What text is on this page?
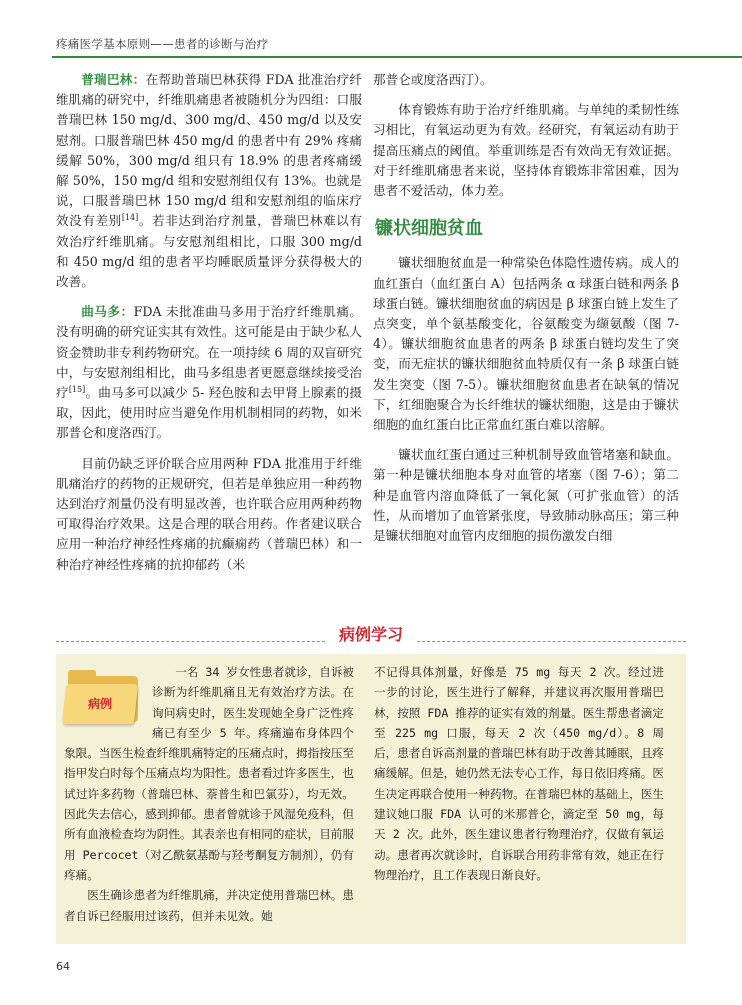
疼痛医学基本原则——患者的诊断与治疗

普瑞巴林：在帮助普瑞巴林获得 FDA 批准治疗纤维肌痛的研究中，纤维肌痛患者被随机分为四组：口服普瑞巴林 150 mg/d、300 mg/d、450 mg/d 以及安慰剂。口服普瑞巴林 450 mg/d 的患者中有 29% 疼痛缓解 50%，300 mg/d 组只有 18.9% 的患者疼痛缓解 50%，150 mg/d 组和安慰剂组仅有 13%。也就是说，口服普瑞巴林 150 mg/d 组和安慰剂组的临床疗效没有差别[14]。若非达到治疗剂量，普瑞巴林难以有效治疗纤维肌痛。与安慰剂组相比，口服 300 mg/d 和 450 mg/d 组的患者平均睡眠质量评分获得极大的改善。

曲马多：FDA 未批准曲马多用于治疗纤维肌痛。没有明确的研究证实其有效性。这可能是由于缺少私人资金赞助非专利药物研究。在一项持续 6 周的双盲研究中，与安慰剂组相比，曲马多组患者更愿意继续接受治疗[15]。曲马多可以减少 5- 羟色胺和去甲肾上腺素的摄取，因此，使用时应当避免作用机制相同的药物，如米那普仑和度洛西汀。

目前仍缺乏评价联合应用两种 FDA 批准用于纤维肌痛治疗的药物的正规研究，但若是单独应用一种药物达到治疗剂量仍没有明显改善，也许联合应用两种药物可取得治疗效果。这是合理的联合用药。作者建议联合应用一种治疗神经性疼痛的抗癫痫药（普瑞巴林）和一种治疗神经性疼痛的抗抑郁药（米

那普仑或度洛西汀）。

体育锻炼有助于治疗纤维肌痛。与单纯的柔韧性练习相比，有氧运动更为有效。经研究，有氧运动有助于提高压痛点的阈值。举重训练是否有效尚无有效证据。对于纤维肌痛患者来说，坚持体育锻炼非常困难，因为患者不爱活动，体力差。

镰状细胞贫血

镰状细胞贫血是一种常染色体隐性遗传病。成人的血红蛋白（血红蛋白 A）包括两条 α 球蛋白链和两条 β 球蛋白链。镰状细胞贫血的病因是 β 球蛋白链上发生了点突变，单个氨基酸变化，谷氨酸变为缬氨酸（图 7-4）。镰状细胞贫血患者的两条 β 球蛋白链均发生了突变，而无症状的镰状细胞贫血特质仅有一条 β 球蛋白链发生突变（图 7-5）。镰状细胞贫血患者在缺氧的情况下，红细胞聚合为长纤维状的镰状细胞，这是由于镰状细胞的血红蛋白比正常血红蛋白难以溶解。

镰状血红蛋白通过三种机制导致血管堵塞和缺血。第一种是镰状细胞本身对血管的堵塞（图 7-6）；第二种是血管内溶血降低了一氧化氮（可扩张血管）的活性，从而增加了血管紧张度，导致肺动脉高压；第三种是镰状细胞对血管内皮细胞的损伤激发白细

病例学习
病例

一名 34 岁女性患者就诊，自诉被诊断为纤维肌痛且无有效治疗方法。在询问病史时，医生发现她全身广泛性疼痛已有至少 5 年。疼痛遍布身体四个象限。当医生检查纤维肌痛特定的压痛点时，拇指按压至指甲发白时每个压痛点均为阳性。患者看过许多医生，也试过许多药物（普瑞巴林、萘普生和巴氯芬），均无效。因此失去信心，感到抑郁。患者曾就诊于风湿免疫科，但所有血液检查均为阴性。其表亲也有相同的症状，目前服用 Percocet（对乙酰氨基酚与羟考酮复方制剂），仍有疼痛。

医生确诊患者为纤维肌痛，并决定使用普瑞巴林。患者自诉已经服用过该药，但并未见效。她

不记得具体剂量，好像是 75 mg 每天 2 次。经过进一步的讨论，医生进行了解释，并建议再次服用普瑞巴林，按照 FDA 推荐的证实有效的剂量。医生帮患者滴定至 225 mg 口服，每天 2 次（450 mg/d）。8 周后，患者自诉高剂量的普瑞巴林有助于改善其睡眠，且疼痛缓解。但是，她仍然无法专心工作，每日依旧疼痛。医生决定再联合使用一种药物。在普瑞巴林的基础上，医生建议她口服 FDA 认可的米那普仑，滴定至 50 mg，每天 2 次。此外，医生建议患者行物理治疗，仅做有氧运动。患者再次就诊时，自诉联合用药非常有效，她正在行物理治疗，且工作表现日渐良好。

64
